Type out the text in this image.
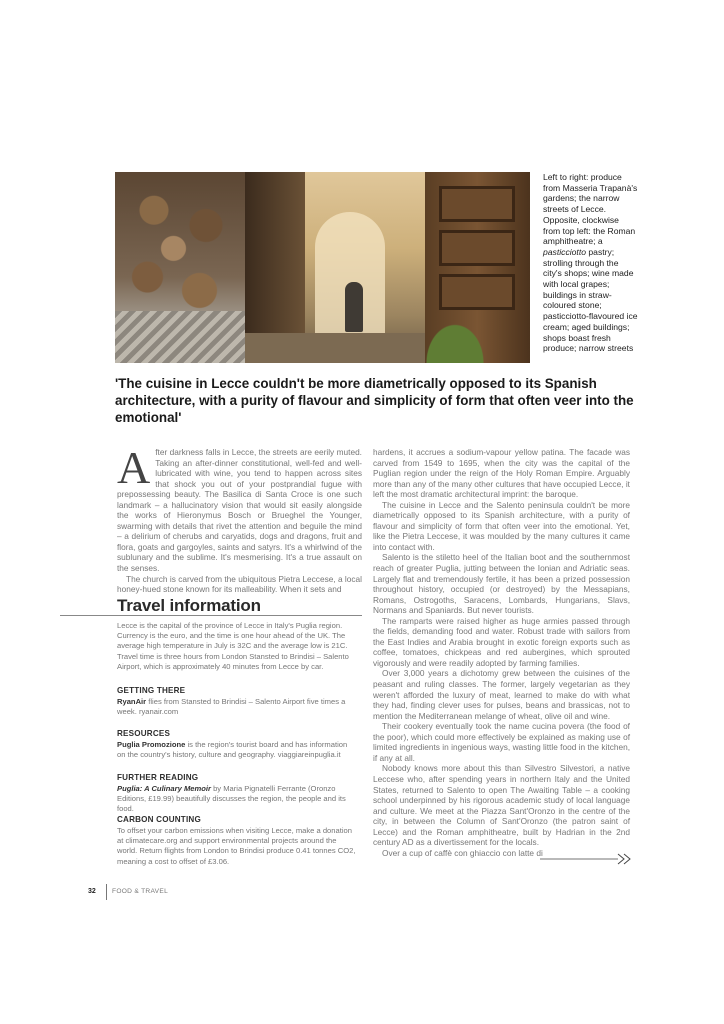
Left to right: produce from Masseria Trapanà's gardens; the narrow streets of Lecce. Opposite, clockwise from top left: the Roman amphitheatre; a pasticciotto pastry; strolling through the city's shops; wine made with local grapes; buildings in straw-coloured stone; pasticciotto-flavoured ice cream; aged buildings; shops boast fresh produce; narrow streets
'The cuisine in Lecce couldn't be more diametrically opposed to its Spanish architecture, with a purity of flavour and simplicity of form that often veer into the emotional'
A fter darkness falls in Lecce, the streets are eerily muted. Taking an after-dinner constitutional, well-fed and well-lubricated with wine, you tend to happen across sites that shock you out of your postprandial fugue with prepossessing beauty. The Basilica di Santa Croce is one such landmark – a hallucinatory vision that would sit easily alongside the works of Hieronymus Bosch or Brueghel the Younger, swarming with details that rivet the attention and beguile the mind – a delirium of cherubs and caryatids, dogs and dragons, fruit and flora, goats and gargoyles, saints and satyrs. It's a whirlwind of the sublunary and the sublime. It's mesmerising. It's a true assault on the senses.

The church is carved from the ubiquitous Pietra Leccese, a local honey-hued stone known for its malleability. When it sets and

Travel information
Lecce is the capital of the province of Lecce in Italy's Puglia region. Currency is the euro, and the time is one hour ahead of the UK. The average high temperature in July is 32C and the average low is 21C. Travel time is three hours from London Stansted to Brindisi – Salento Airport, which is approximately 40 minutes from Lecce by car.
GETTING THERE
RyanAir flies from Stansted to Brindisi – Salento Airport five times a week. ryanair.com
RESOURCES
Puglia Promozione is the region's tourist board and has information on the country's history, culture and geography. viaggiareinpuglia.it
FURTHER READING
Puglia: A Culinary Memoir by Maria Pignatelli Ferrante (Oronzo Editions, £19.99) beautifully discusses the region, the people and its food.
CARBON COUNTING
To offset your carbon emissions when visiting Lecce, make a donation at climatecare.org and support environmental projects around the world. Return flights from London to Brindisi produce 0.41 tonnes CO2, meaning a cost to offset of £3.06.

hardens, it accrues a sodium-vapour yellow patina. The facade was carved from 1549 to 1695, when the city was the capital of the Puglian region under the reign of the Holy Roman Empire. Arguably more than any of the many other cultures that have occupied Lecce, it left the most dramatic architectural imprint: the baroque.

The cuisine in Lecce and the Salento peninsula couldn't be more diametrically opposed to its Spanish architecture, with a purity of flavour and simplicity of form that often veer into the emotional. Yet, like the Pietra Leccese, it was moulded by the many cultures it came into contact with.

Salento is the stiletto heel of the Italian boot and the southernmost reach of greater Puglia, jutting between the Ionian and Adriatic seas. Largely flat and tremendously fertile, it has been a prized possession throughout history, occupied (or destroyed) by the Messapians, Romans, Ostrogoths, Saracens, Lombards, Hungarians, Slavs, Normans and Spaniards. But never tourists.

The ramparts were raised higher as huge armies passed through the fields, demanding food and water. Robust trade with sailors from the East Indies and Arabia brought in exotic foreign exports such as coffee, tomatoes, chickpeas and red aubergines, which sprouted vigorously and were readily adopted by farming families.

Over 3,000 years a dichotomy grew between the cuisines of the peasant and ruling classes. The former, largely vegetarian as they weren't afforded the luxury of meat, learned to make do with what they had, finding clever uses for pulses, beans and brassicas, not to mention the Mediterranean melange of wheat, olive oil and wine.

Their cookery eventually took the name cucina povera (the food of the poor), which could more effectively be explained as making use of limited ingredients in ingenious ways, wasting little food in the kitchen, if any at all.

Nobody knows more about this than Silvestro Silvestori, a native Leccese who, after spending years in northern Italy and the United States, returned to Salento to open The Awaiting Table – a cooking school underpinned by his rigorous academic study of local language and culture. We meet at the Piazza Sant'Oronzo in the centre of the city, in between the Column of Sant'Oronzo (the patron saint of Lecce) and the Roman amphitheatre, built by Hadrian in the 2nd century AD as a divertissement for the locals.

Over a cup of caffè con ghiaccio con latte di

32 FOOD & TRAVEL
